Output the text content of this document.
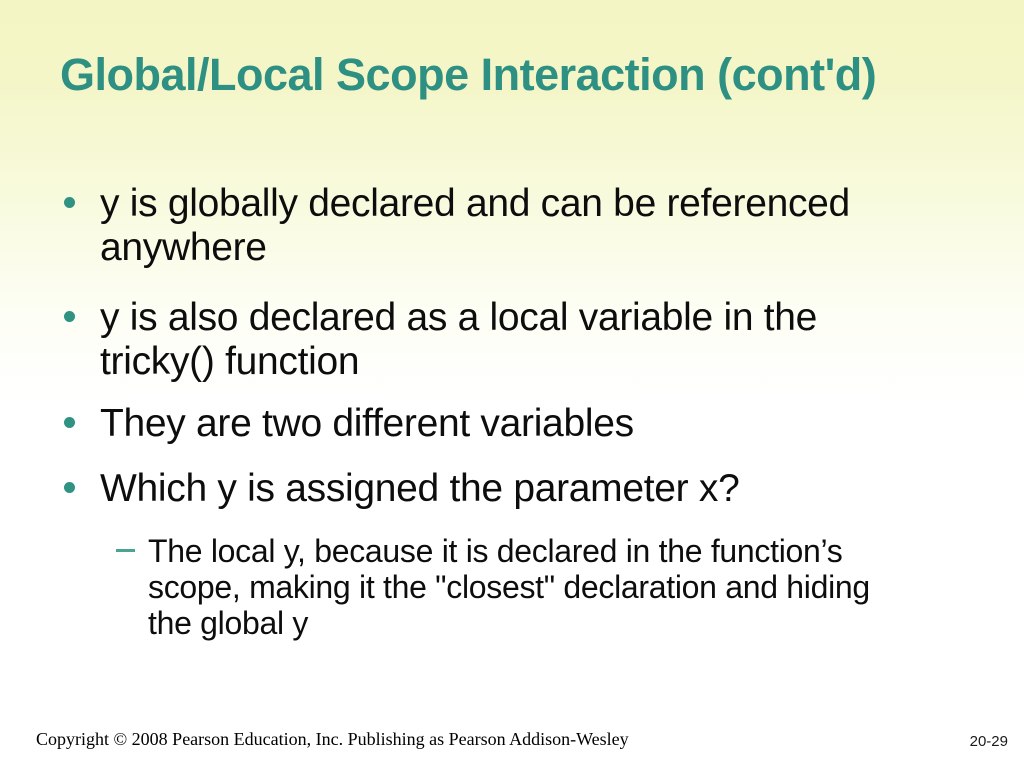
Global/Local Scope Interaction (cont'd)
y is globally declared and can be referenced
anywhere
y is also declared as a local variable in the
tricky() function
They are two different variables
Which y is assigned the parameter x?
The local y, because it is declared in the function’s
scope, making it the "closest" declaration and hiding
the global y
Copyright © 2008 Pearson Education, Inc. Publishing as Pearson Addison-Wesley	20-29
